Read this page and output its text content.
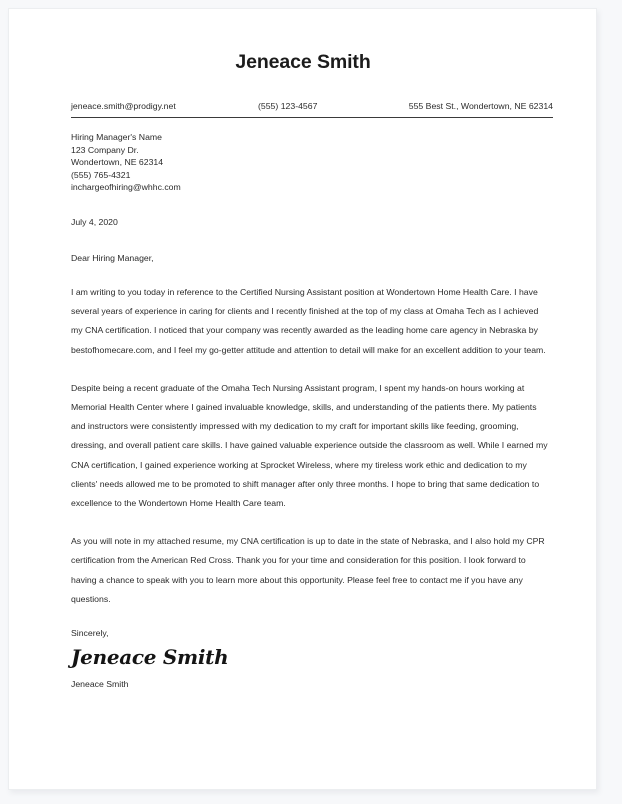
Jeneace Smith
jeneace.smith@prodigy.net	(555) 123-4567	555 Best St., Wondertown, NE 62314
Hiring Manager's Name
123 Company Dr.
Wondertown, NE 62314
(555) 765-4321
inchargeofhiring@whhc.com
July 4, 2020
Dear Hiring Manager,

I am writing to you today in reference to the Certified Nursing Assistant position at Wondertown Home Health Care. I have several years of experience in caring for clients and I recently finished at the top of my class at Omaha Tech as I achieved my CNA certification. I noticed that your company was recently awarded as the leading home care agency in Nebraska by bestofhomecare.com, and I feel my go-getter attitude and attention to detail will make for an excellent addition to your team.

Despite being a recent graduate of the Omaha Tech Nursing Assistant program, I spent my hands-on hours working at Memorial Health Center where I gained invaluable knowledge, skills, and understanding of the patients there. My patients and instructors were consistently impressed with my dedication to my craft for important skills like feeding, grooming, dressing, and overall patient care skills. I have gained valuable experience outside the classroom as well. While I earned my CNA certification, I gained experience working at Sprocket Wireless, where my tireless work ethic and dedication to my clients' needs allowed me to be promoted to shift manager after only three months. I hope to bring that same dedication to excellence to the Wondertown Home Health Care team.

As you will note in my attached resume, my CNA certification is up to date in the state of Nebraska, and I also hold my CPR certification from the American Red Cross. Thank you for your time and consideration for this position. I look forward to having a chance to speak with you to learn more about this opportunity. Please feel free to contact me if you have any questions.

Sincerely,
Jeneace Smith
Jeneace Smith
